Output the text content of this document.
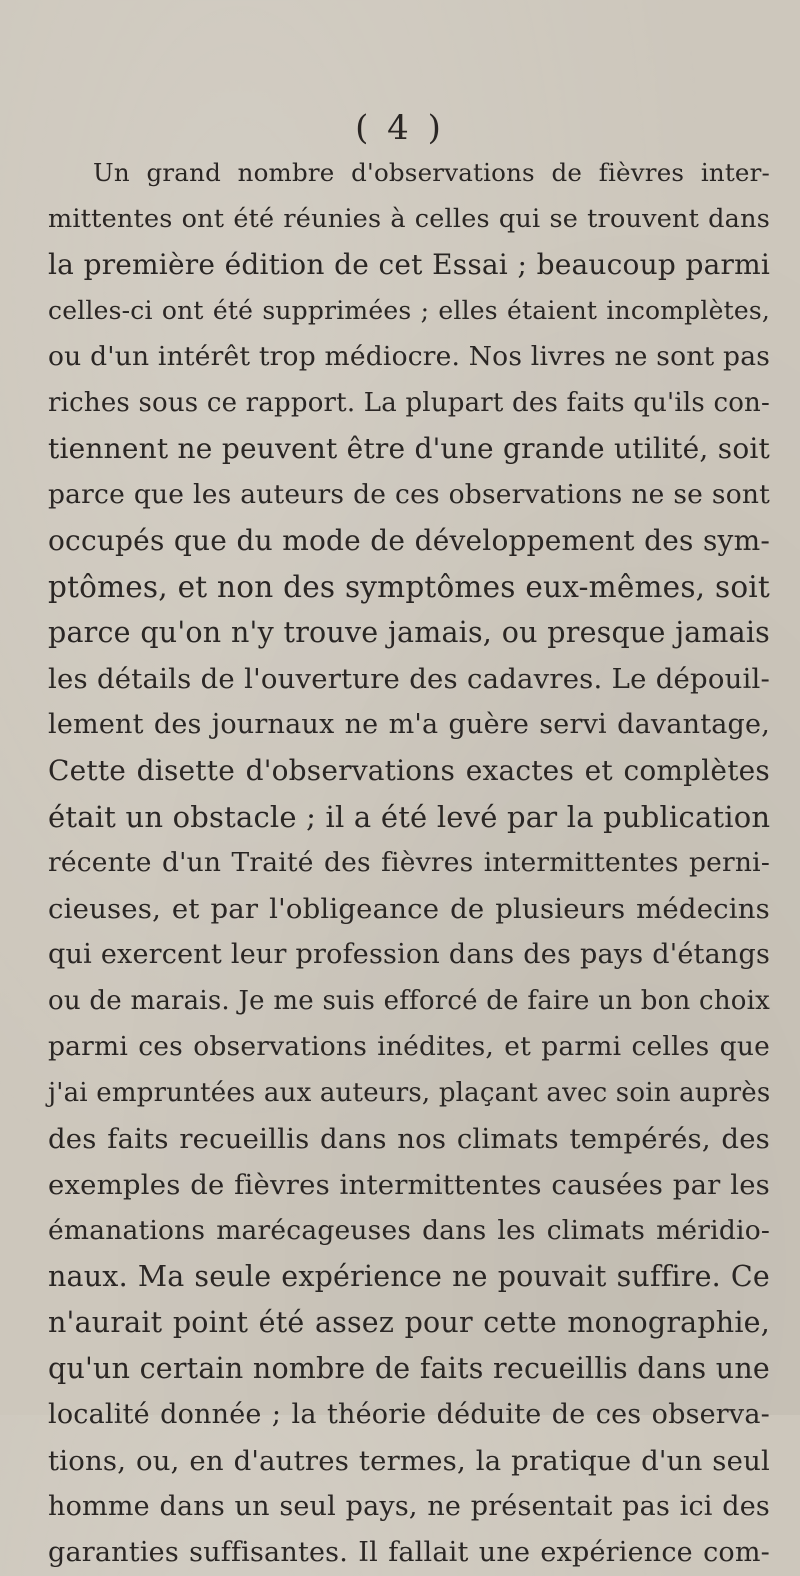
( 4 )
Un grand nombre d'observations de fièvres inter-
mittentes ont été réunies à celles qui se trouvent dans
la première édition de cet Essai ; beaucoup parmi
celles-ci ont été supprimées ; elles étaient incomplètes,
ou d'un intérêt trop médiocre. Nos livres ne sont pas
riches sous ce rapport. La plupart des faits qu'ils con-
tiennent ne peuvent être d'une grande utilité, soit
parce que les auteurs de ces observations ne se sont
occupés que du mode de développement des sym-
ptômes, et non des symptômes eux-mêmes, soit
parce qu'on n'y trouve jamais, ou presque jamais
les détails de l'ouverture des cadavres. Le dépouil-
lement des journaux ne m'a guère servi davantage,
Cette disette d'observations exactes et complètes
était un obstacle ; il a été levé par la publication
récente d'un Traité des fièvres intermittentes perni-
cieuses, et par l'obligeance de plusieurs médecins
qui exercent leur profession dans des pays d'étangs
ou de marais. Je me suis efforcé de faire un bon choix
parmi ces observations inédites, et parmi celles que
j'ai empruntées aux auteurs, plaçant avec soin auprès
des faits recueillis dans nos climats tempérés, des
exemples de fièvres intermittentes causées par les
émanations marécageuses dans les climats méridio-
naux. Ma seule expérience ne pouvait suffire. Ce
n'aurait point été assez pour cette monographie,
qu'un certain nombre de faits recueillis dans une
localité donnée ; la théorie déduite de ces observa-
tions, ou, en d'autres termes, la pratique d'un seul
homme dans un seul pays, ne présentait pas ici des
garanties suffisantes. Il fallait une expérience com-
